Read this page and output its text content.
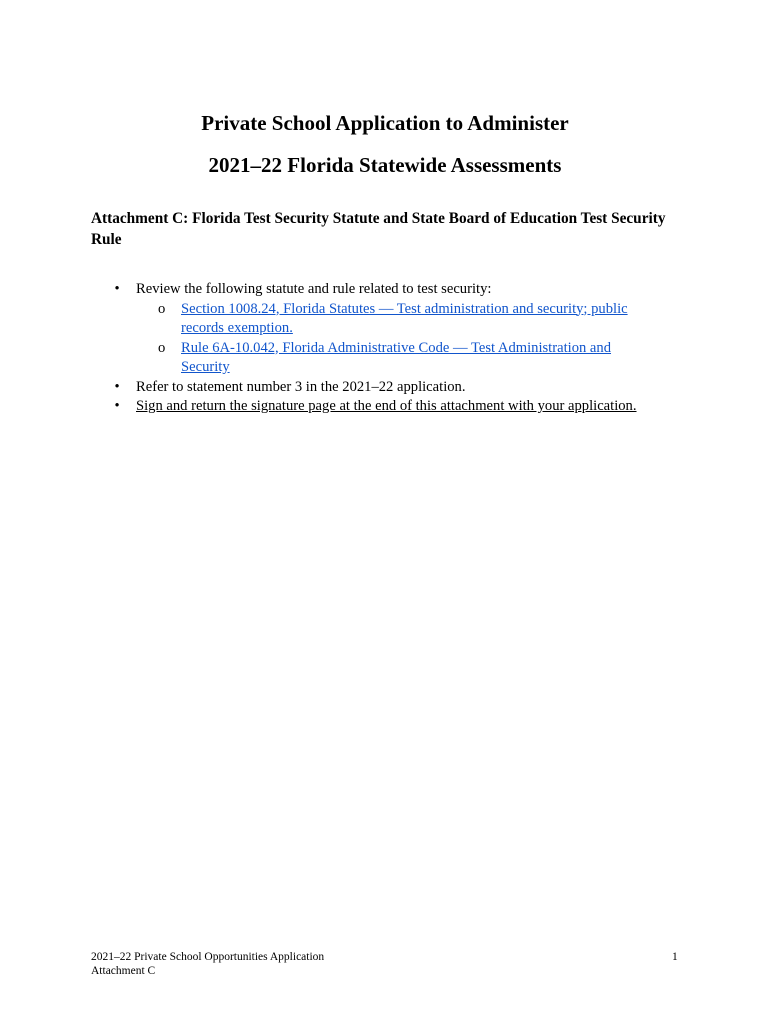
Private School Application to Administer
2021–22 Florida Statewide Assessments
Attachment C: Florida Test Security Statute and State Board of Education Test Security Rule
• Review the following statute and rule related to test security:
o Section 1008.24, Florida Statutes — Test administration and security; public records exemption.
o Rule 6A-10.042, Florida Administrative Code — Test Administration and Security
• Refer to statement number 3 in the 2021–22 application.
• Sign and return the signature page at the end of this attachment with your application.
2021–22 Private School Opportunities Application
Attachment C
1
